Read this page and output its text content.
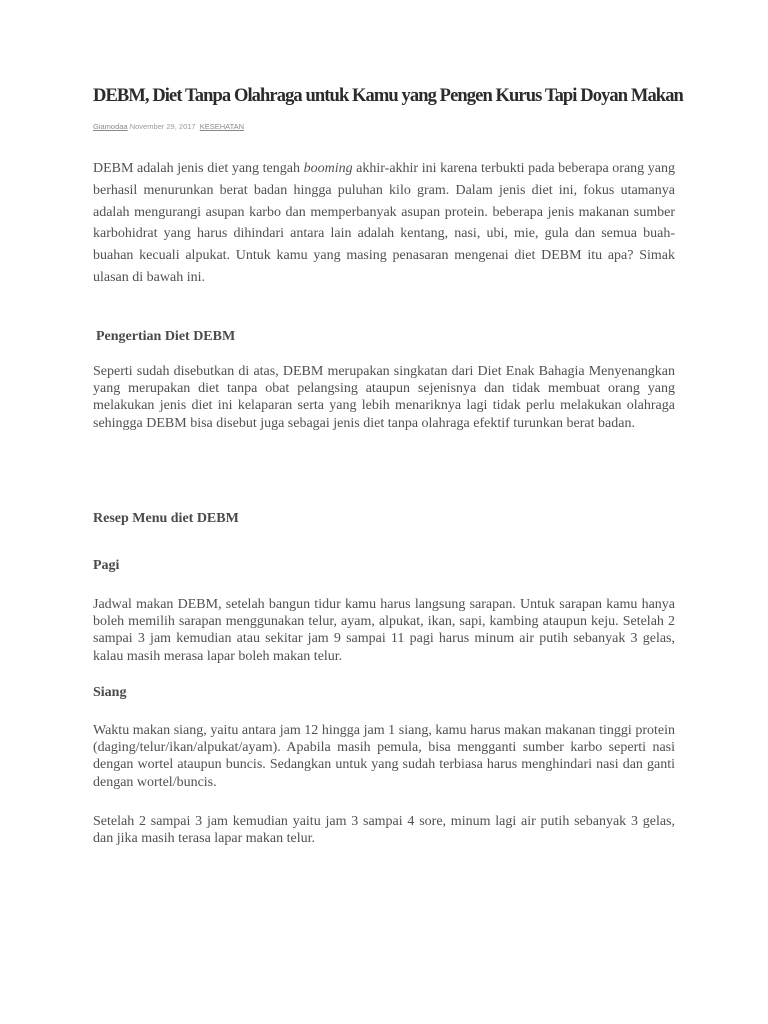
DEBM, Diet Tanpa Olahraga untuk Kamu yang Pengen Kurus Tapi Doyan Makan
Giamodaa November 29, 2017 KESEHATAN

DEBM adalah jenis diet yang tengah booming akhir-akhir ini karena terbukti pada beberapa orang yang berhasil menurunkan berat badan hingga puluhan kilo gram. Dalam jenis diet ini, fokus utamanya adalah mengurangi asupan karbo dan memperbanyak asupan protein. beberapa jenis makanan sumber karbohidrat yang harus dihindari antara lain adalah kentang, nasi, ubi, mie, gula dan semua buah-buahan kecuali alpukat. Untuk kamu yang masing penasaran mengenai diet DEBM itu apa? Simak ulasan di bawah ini.

Pengertian Diet DEBM

Seperti sudah disebutkan di atas, DEBM merupakan singkatan dari Diet Enak Bahagia Menyenangkan yang merupakan diet tanpa obat pelangsing ataupun sejenisnya dan tidak membuat orang yang melakukan jenis diet ini kelaparan serta yang lebih menariknya lagi tidak perlu melakukan olahraga sehingga DEBM bisa disebut juga sebagai jenis diet tanpa olahraga efektif turunkan berat badan.

Resep Menu diet DEBM
Pagi

Jadwal makan DEBM, setelah bangun tidur kamu harus langsung sarapan. Untuk sarapan kamu hanya boleh memilih sarapan menggunakan telur, ayam, alpukat, ikan, sapi, kambing ataupun keju. Setelah 2 sampai 3 jam kemudian atau sekitar jam 9 sampai 11 pagi harus minum air putih sebanyak 3 gelas, kalau masih merasa lapar boleh makan telur.

Siang

Waktu makan siang, yaitu antara jam 12 hingga jam 1 siang, kamu harus makan makanan tinggi protein (daging/telur/ikan/alpukat/ayam). Apabila masih pemula, bisa mengganti sumber karbo seperti nasi dengan wortel ataupun buncis. Sedangkan untuk yang sudah terbiasa harus menghindari nasi dan ganti dengan wortel/buncis.

Setelah 2 sampai 3 jam kemudian yaitu jam 3 sampai 4 sore, minum lagi air putih sebanyak 3 gelas, dan jika masih terasa lapar makan telur.
